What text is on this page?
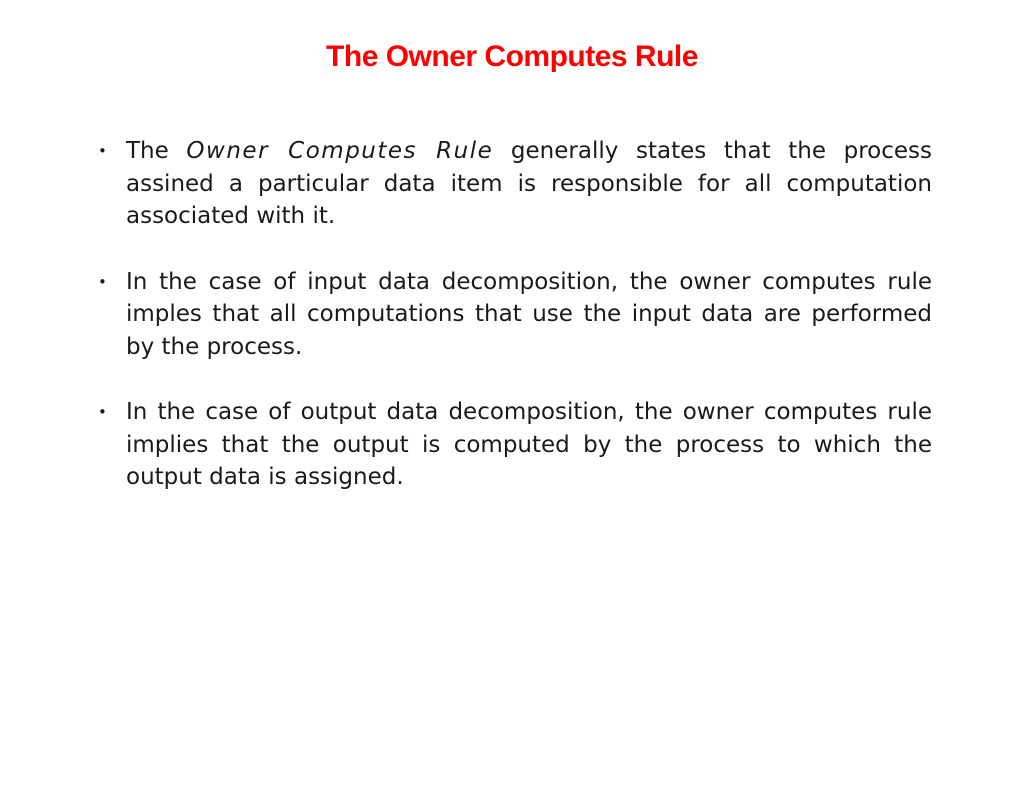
The Owner Computes Rule
• The Owner Computes Rule generally states that the process assined a particular data item is responsible for all computation associated with it.
• In the case of input data decomposition, the owner computes rule imples that all computations that use the input data are performed by the process.
• In the case of output data decomposition, the owner computes rule implies that the output is computed by the process to which the output data is assigned.
